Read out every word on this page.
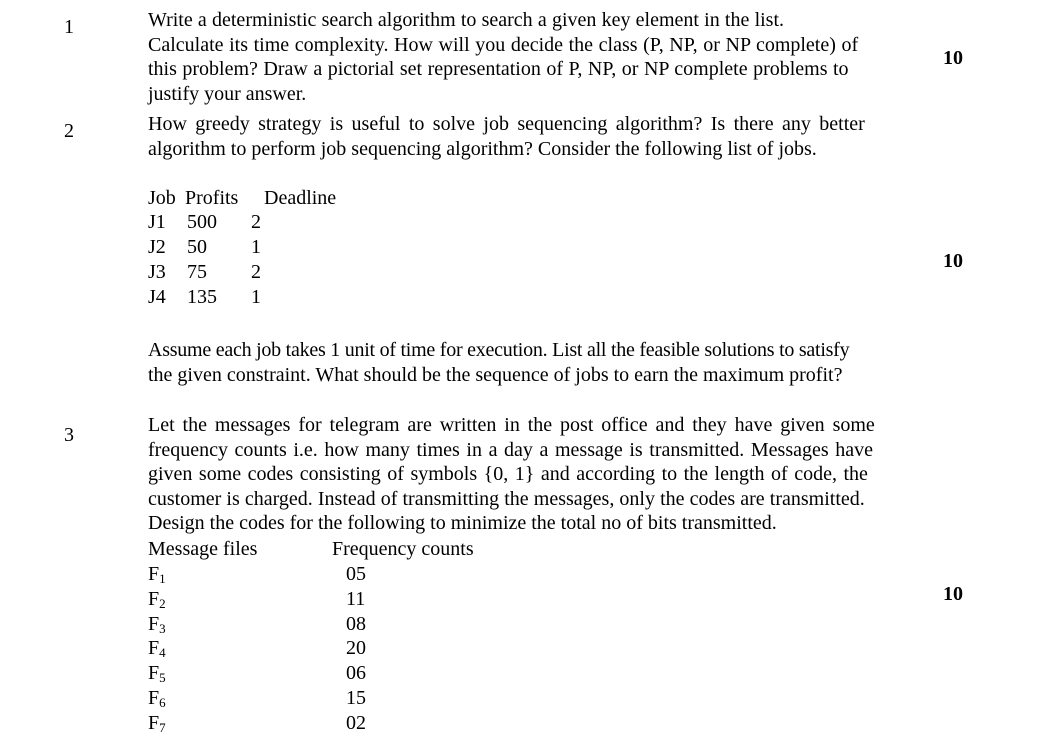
1	Write a deterministic search algorithm to search a given key element in the list.
Calculate its time complexity. How will you decide the class (P, NP, or NP complete) of
this problem? Draw a pictorial set representation of P, NP, or NP complete problems to
justify your answer.
10
2	How greedy strategy is useful to solve job sequencing algorithm? Is there any better
algorithm to perform job sequencing algorithm? Consider the following list of jobs.
Job Profits Deadline
J1 500 2
J2 50 1
J3 75 2
J4 135 1
10
Assume each job takes 1 unit of time for execution. List all the feasible solutions to satisfy
the given constraint. What should be the sequence of jobs to earn the maximum profit?
3	Let the messages for telegram are written in the post office and they have given some
frequency counts i.e. how many times in a day a message is transmitted. Messages have
given some codes consisting of symbols {0, 1} and according to the length of code, the
customer is charged. Instead of transmitting the messages, only the codes are transmitted.
Design the codes for the following to minimize the total no of bits transmitted.
Message files	Frequency counts
$F_1$	05
$F_2$	11
$F_3$	08
$F_4$	20
$F_5$	06
$F_6$	15
$F_7$	02
10
